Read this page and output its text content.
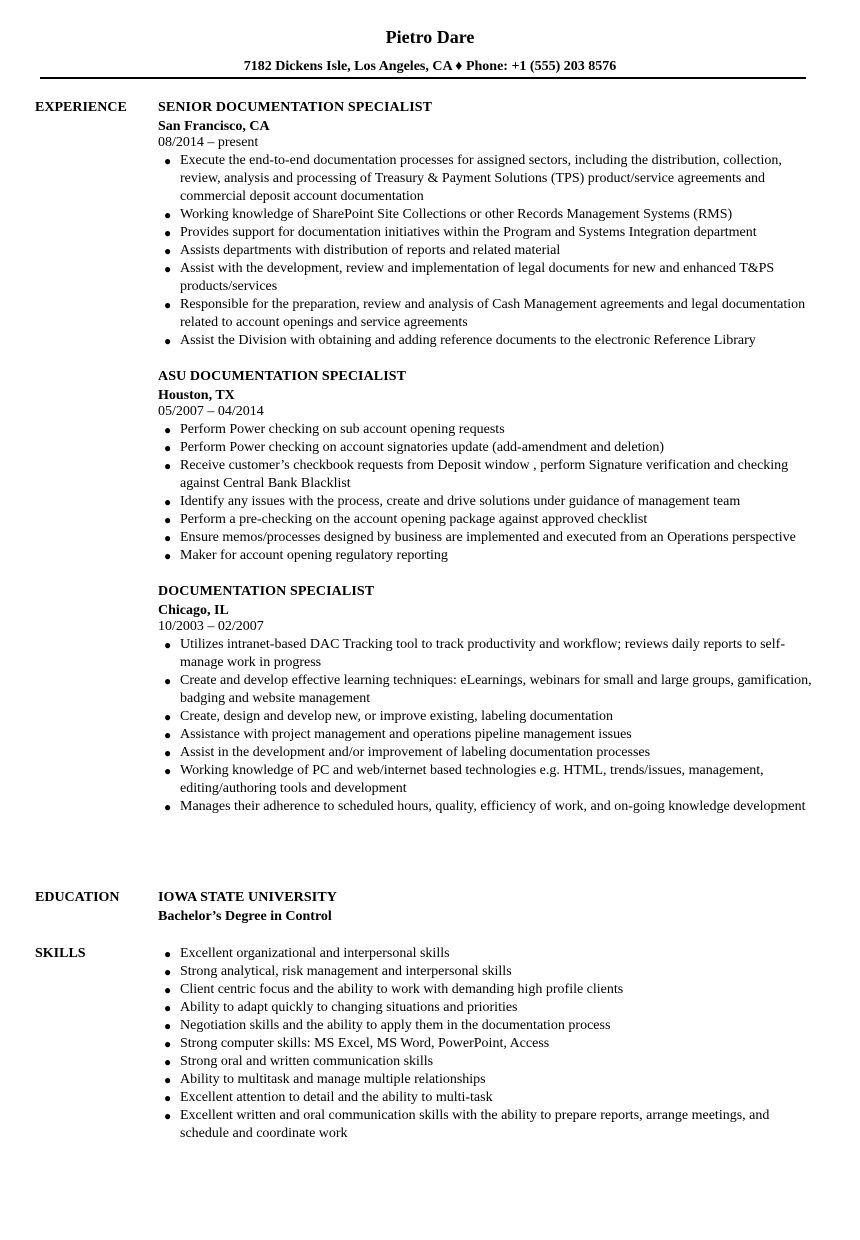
Pietro Dare
7182 Dickens Isle, Los Angeles, CA ♦ Phone: +1 (555) 203 8576
EXPERIENCE SENIOR DOCUMENTATION SPECIALIST
San Francisco, CA
08/2014 – present
● Execute the end-to-end documentation processes for assigned sectors, including the distribution, collection, review, analysis and processing of Treasury & Payment Solutions (TPS) product/service agreements and commercial deposit account documentation
● Working knowledge of SharePoint Site Collections or other Records Management Systems (RMS)
● Provides support for documentation initiatives within the Program and Systems Integration department
● Assists departments with distribution of reports and related material
● Assist with the development, review and implementation of legal documents for new and enhanced T&PS products/services
● Responsible for the preparation, review and analysis of Cash Management agreements and legal documentation related to account openings and service agreements
● Assist the Division with obtaining and adding reference documents to the electronic Reference Library
ASU DOCUMENTATION SPECIALIST
Houston, TX
05/2007 – 04/2014
● Perform Power checking on sub account opening requests
● Perform Power checking on account signatories update (add-amendment and deletion)
● Receive customer’s checkbook requests from Deposit window , perform Signature verification and checking against Central Bank Blacklist
● Identify any issues with the process, create and drive solutions under guidance of management team
● Perform a pre-checking on the account opening package against approved checklist
● Ensure memos/processes designed by business are implemented and executed from an Operations perspective
● Maker for account opening regulatory reporting
DOCUMENTATION SPECIALIST
Chicago, IL
10/2003 – 02/2007
● Utilizes intranet-based DAC Tracking tool to track productivity and workflow; reviews daily reports to self-manage work in progress
● Create and develop effective learning techniques: eLearnings, webinars for small and large groups, gamification, badging and website management
● Create, design and develop new, or improve existing, labeling documentation
● Assistance with project management and operations pipeline management issues
● Assist in the development and/or improvement of labeling documentation processes
● Working knowledge of PC and web/internet based technologies e.g. HTML, trends/issues, management, editing/authoring tools and development
● Manages their adherence to scheduled hours, quality, efficiency of work, and on-going knowledge development
EDUCATION	IOWA STATE UNIVERSITY
Bachelor’s Degree in Control
SKILLS	● Excellent organizational and interpersonal skills
● Strong analytical, risk management and interpersonal skills
● Client centric focus and the ability to work with demanding high profile clients
● Ability to adapt quickly to changing situations and priorities
● Negotiation skills and the ability to apply them in the documentation process
● Strong computer skills: MS Excel, MS Word, PowerPoint, Access
● Strong oral and written communication skills
● Ability to multitask and manage multiple relationships
● Excellent attention to detail and the ability to multi-task
● Excellent written and oral communication skills with the ability to prepare reports, arrange meetings, and schedule and coordinate work
